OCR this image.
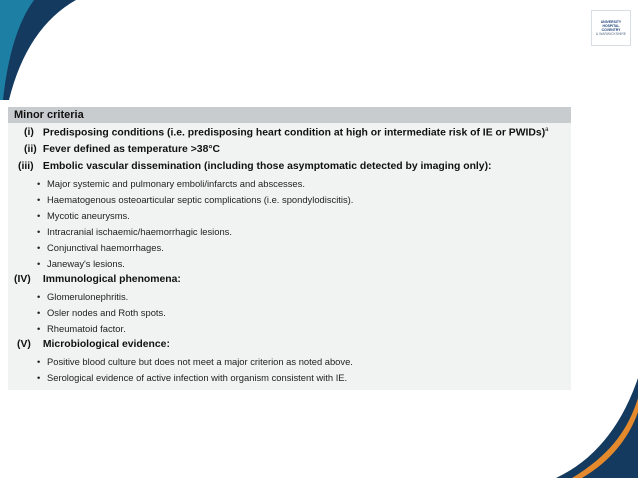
UNIVERSITY
HOSPITAL
COVENTRY
& WARWICKSHIRE
Minor criteria
(i) Predisposing conditions (i.e. predisposing heart condition at high or intermediate risk of IE or PWIDs)$^a$
(ii) Fever defined as temperature >38°C
(iii) Embolic vascular dissemination (including those asymptomatic detected by imaging only):
• Major systemic and pulmonary emboli/infarcts and abscesses.
• Haematogenous osteoarticular septic complications (i.e. spondylodiscitis).
• Mycotic aneurysms.
• Intracranial ischaemic/haemorrhagic lesions.
• Conjunctival haemorrhages.
• Janeway's lesions.
(IV) Immunological phenomena:
• Glomerulonephritis.
• Osler nodes and Roth spots.
• Rheumatoid factor.
(V) Microbiological evidence:
• Positive blood culture but does not meet a major criterion as noted above.
• Serological evidence of active infection with organism consistent with IE.
